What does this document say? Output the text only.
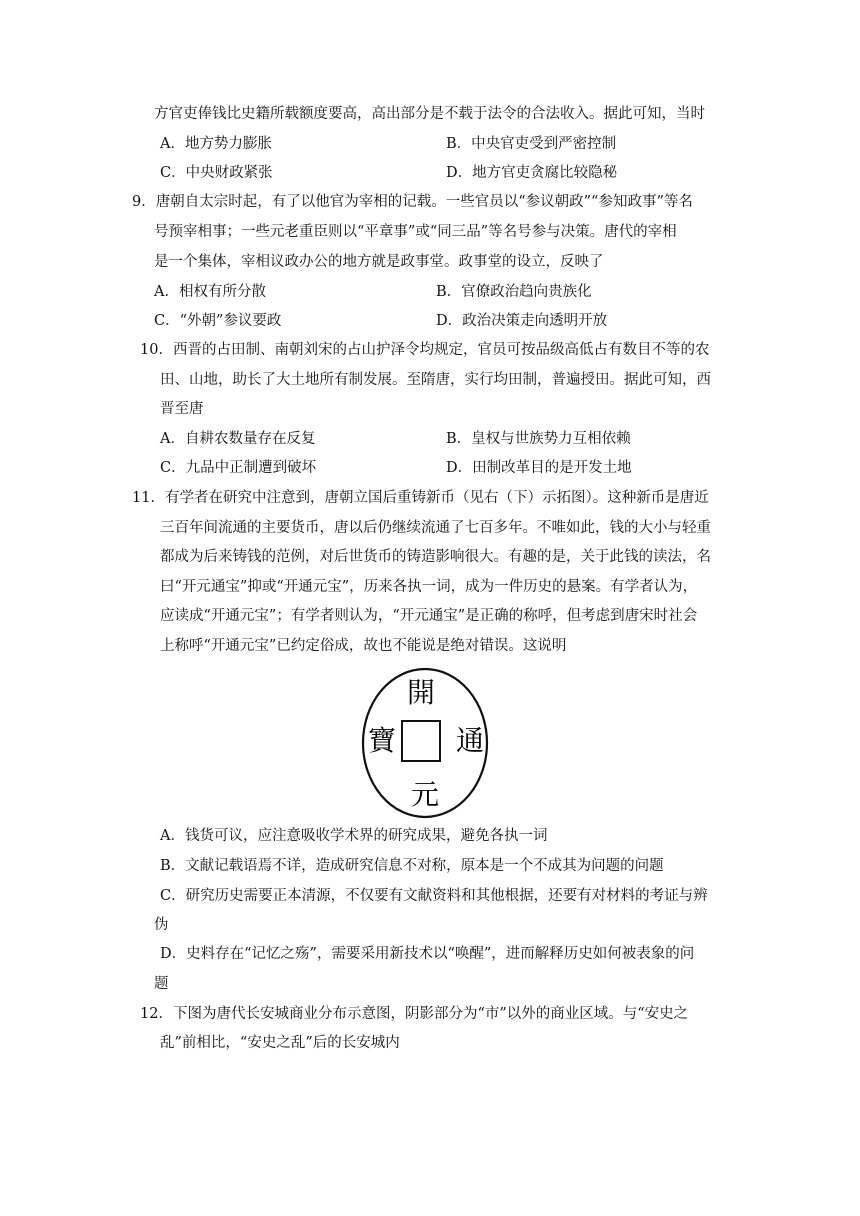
方官吏俸钱比史籍所载额度要高，高出部分是不载于法令的合法收入。据此可知，当时
A．地方势力膨胀	B．中央官吏受到严密控制
C．中央财政紧张	D．地方官吏贪腐比较隐秘
9．唐朝自太宗时起，有了以他官为宰相的记载。一些官员以“参议朝政”“参知政事”等名
号预宰相事；一些元老重臣则以“平章事”或“同三品”等名号参与决策。唐代的宰相
是一个集体，宰相议政办公的地方就是政事堂。政事堂的设立，反映了
A．相权有所分散	B．官僚政治趋向贵族化
C．“外朝”参议要政	D．政治决策走向透明开放
10．西晋的占田制、南朝刘宋的占山护泽令均规定，官员可按品级高低占有数目不等的农
田、山地，助长了大土地所有制发展。至隋唐，实行均田制，普遍授田。据此可知，西
晋至唐
A．自耕农数量存在反复	B．皇权与世族势力互相依赖
C．九品中正制遭到破坏	D．田制改革目的是开发土地
11．有学者在研究中注意到，唐朝立国后重铸新币（见右（下）示拓图）。这种新币是唐近
三百年间流通的主要货币，唐以后仍继续流通了七百多年。不唯如此，钱的大小与轻重
都成为后来铸钱的范例，对后世货币的铸造影响很大。有趣的是，关于此钱的读法，名
曰“开元通宝”抑或“开通元宝”，历来各执一词，成为一件历史的悬案。有学者认为，
应读成“开通元宝”；有学者则认为，“开元通宝”是正确的称呼，但考虑到唐宋时社会
上称呼“开通元宝”已约定俗成，故也不能说是绝对错误。这说明
開
通
元
寶
A．钱货可议，应注意吸收学术界的研究成果，避免各执一词
B．文献记载语焉不详，造成研究信息不对称，原本是一个不成其为问题的问题
C．研究历史需要正本清源，不仅要有文献资料和其他根据，还要有对材料的考证与辨
伪
D．史料存在“记忆之殇”，需要采用新技术以“唤醒”，进而解释历史如何被表象的问
题
12．下图为唐代长安城商业分布示意图，阴影部分为“市”以外的商业区域。与“安史之
乱”前相比，“安史之乱”后的长安城内
